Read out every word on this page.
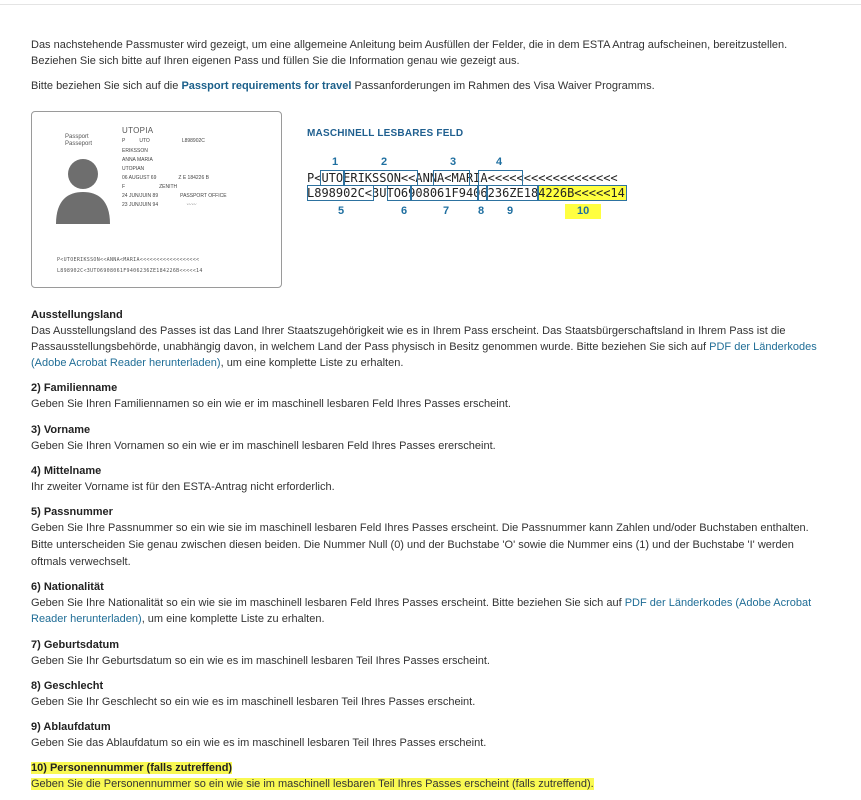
Das nachstehende Passmuster wird gezeigt, um eine allgemeine Anleitung beim Ausfüllen der Felder, die in dem ESTA Antrag aufscheinen, bereitzustellen.

Beziehen Sie sich bitte auf Ihren eigenen Pass und füllen Sie die Information genau wie gezeigt aus.

Bitte beziehen Sie sich auf die Passport requirements for travel Passanforderungen im Rahmen des Visa Waiver Programms.

Passport
Passeport
UTOPIA
P	UTO	L898902C
ERIKSSON
ANNA MARIA
UTOPIAN
06 AUGUST 69	Z E 184226 B
F	ZENITH
24 JUN/JUIN 89	PASSPORT OFFICE
23 JUN/JUIN 94	〰〰
P<UTOERIKSSON<<ANNA<MARIA<<<<<<<<<<<<<<<<<<
L898902C<3UTO6908061F9406236ZE184226B<<<<<14
MASCHINELL LESBARES FELD
1	2	3	4
P<UTOERIKSSON<<ANNA<MARIA<<<<<<<<<<<<<<<<<<
L898902C<3UTO6908061F9406236ZE184226B<<<<<14
5	6	7	8 9	10

Ausstellungsland

Das Ausstellungsland des Passes ist das Land Ihrer Staatszugehörigkeit wie es in Ihrem Pass erscheint. Das Staatsbürgerschaftsland in Ihrem Pass ist die Passausstellungsbehörde, unabhängig davon, in welchem Land der Pass physisch in Besitz genommen wurde. Bitte beziehen Sie sich auf PDF der Länderkodes (Adobe Acrobat Reader herunterladen), um eine komplette Liste zu erhalten.

2) Familienname

Geben Sie Ihren Familiennamen so ein wie er im maschinell lesbaren Feld Ihres Passes erscheint.

3) Vorname

Geben Sie Ihren Vornamen so ein wie er im maschinell lesbaren Feld Ihres Passes ererscheint.

4) Mittelname

Ihr zweiter Vorname ist für den ESTA-Antrag nicht erforderlich.

5) Passnummer

Geben Sie Ihre Passnummer so ein wie sie im maschinell lesbaren Feld Ihres Passes erscheint. Die Passnummer kann Zahlen und/oder Buchstaben enthalten. Bitte unterscheiden Sie genau zwischen diesen beiden. Die Nummer Null (0) und der Buchstabe 'O' sowie die Nummer eins (1) und der Buchstabe 'I' werden oftmals verwechselt.

6) Nationalität

Geben Sie Ihre Nationalität so ein wie sie im maschinell lesbaren Feld Ihres Passes erscheint. Bitte beziehen Sie sich auf PDF der Länderkodes (Adobe Acrobat Reader herunterladen), um eine komplette Liste zu erhalten.

7) Geburtsdatum

Geben Sie Ihr Geburtsdatum so ein wie es im maschinell lesbaren Teil Ihres Passes erscheint.

8) Geschlecht

Geben Sie Ihr Geschlecht so ein wie es im maschinell lesbaren Teil Ihres Passes erscheint.

9) Ablaufdatum

Geben Sie das Ablaufdatum so ein wie es im maschinell lesbaren Teil Ihres Passes erscheint.

10) Personennummer (falls zutreffend)

Geben Sie die Personennummer so ein wie sie im maschinell lesbaren Teil Ihres Passes erscheint (falls zutreffend).
